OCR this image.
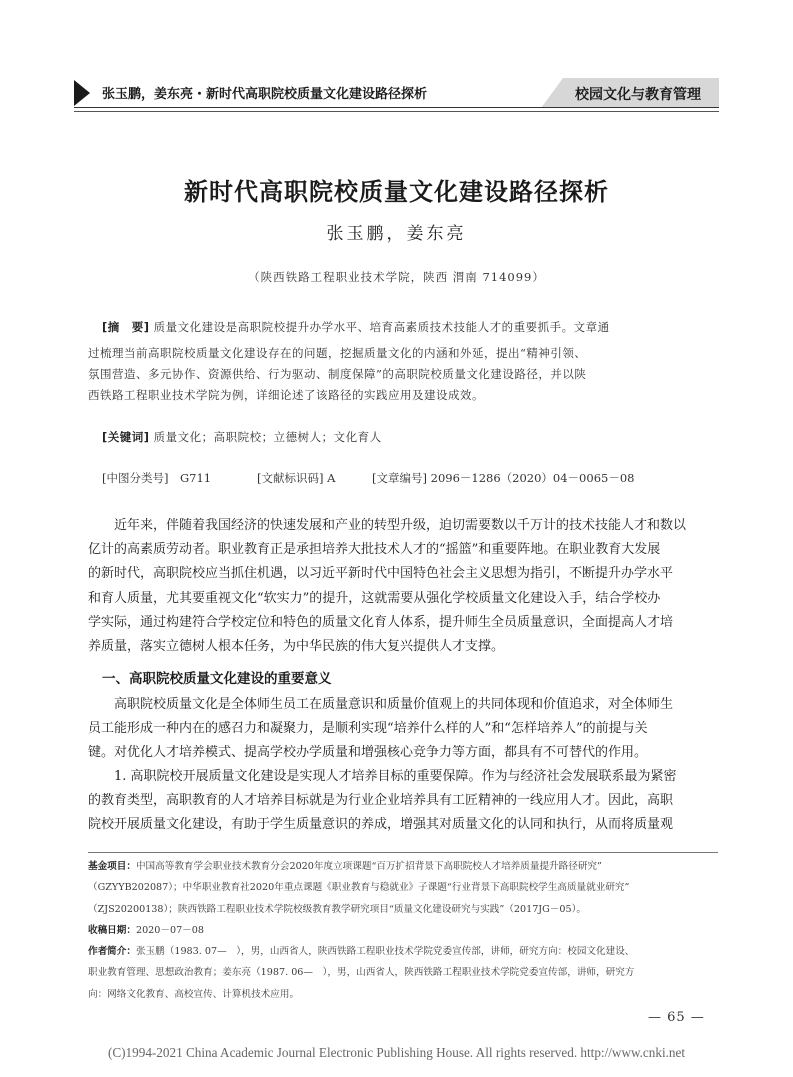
张玉鹏，姜东亮・新时代高职院校质量文化建设路径探析	校园文化与教育管理
新时代高职院校质量文化建设路径探析
张玉鹏，姜东亮
（陕西铁路工程职业技术学院，陕西 渭南 714099）
[摘　要] 质量文化建设是高职院校提升办学水平、培育高素质技术技能人才的重要抓手。文章通
过梳理当前高职院校质量文化建设存在的问题，挖掘质量文化的内涵和外延，提出“精神引领、
氛围营造、多元协作、资源供给、行为驱动、制度保障”的高职院校质量文化建设路径，并以陕
西铁路工程职业技术学院为例，详细论述了该路径的实践应用及建设成效。
[关键词] 质量文化；高职院校；立德树人；文化育人
[中图分类号]　G711	[文献标识码] A	[文章编号] 2096－1286（2020）04－0065－08
近年来，伴随着我国经济的快速发展和产业的转型升级，迫切需要数以千万计的技术技能人才和数以
亿计的高素质劳动者。职业教育正是承担培养大批技术人才的“摇篮”和重要阵地。在职业教育大发展
的新时代，高职院校应当抓住机遇，以习近平新时代中国特色社会主义思想为指引，不断提升办学水平
和育人质量，尤其要重视文化“软实力”的提升，这就需要从强化学校质量文化建设入手，结合学校办
学实际，通过构建符合学校定位和特色的质量文化育人体系，提升师生全员质量意识，全面提高人才培
养质量，落实立德树人根本任务，为中华民族的伟大复兴提供人才支撑。
一、高职院校质量文化建设的重要意义
高职院校质量文化是全体师生员工在质量意识和质量价值观上的共同体现和价值追求，对全体师生
员工能形成一种内在的感召力和凝聚力，是顺利实现“培养什么样的人”和“怎样培养人”的前提与关
键。对优化人才培养模式、提高学校办学质量和增强核心竞争力等方面，都具有不可替代的作用。
1. 高职院校开展质量文化建设是实现人才培养目标的重要保障。作为与经济社会发展联系最为紧密
的教育类型，高职教育的人才培养目标就是为行业企业培养具有工匠精神的一线应用人才。因此，高职
院校开展质量文化建设，有助于学生质量意识的养成，增强其对质量文化的认同和执行，从而将质量观
基金项目：中国高等教育学会职业技术教育分会2020年度立项课题“百万扩招背景下高职院校人才培养质量提升路径研究”
（GZYYB202087）；中华职业教育社2020年重点课题《职业教育与稳就业》子课题“行业背景下高职院校学生高质量就业研究”
（ZJS20200138）；陕西铁路工程职业技术学院校级教育教学研究项目“质量文化建设研究与实践”（2017JG－05）。
收稿日期：2020－07－08
作者简介：张玉鹏（1983. 07—　），男，山西省人，陕西铁路工程职业技术学院党委宣传部，讲师，研究方向：校园文化建设、
职业教育管理、思想政治教育；姜东亮（1987. 06—　），男，山西省人，陕西铁路工程职业技术学院党委宣传部，讲师，研究方
向：网络文化教育、高校宣传、计算机技术应用。
— 65 —
(C)1994-2021 China Academic Journal Electronic Publishing House. All rights reserved. http://www.cnki.net
